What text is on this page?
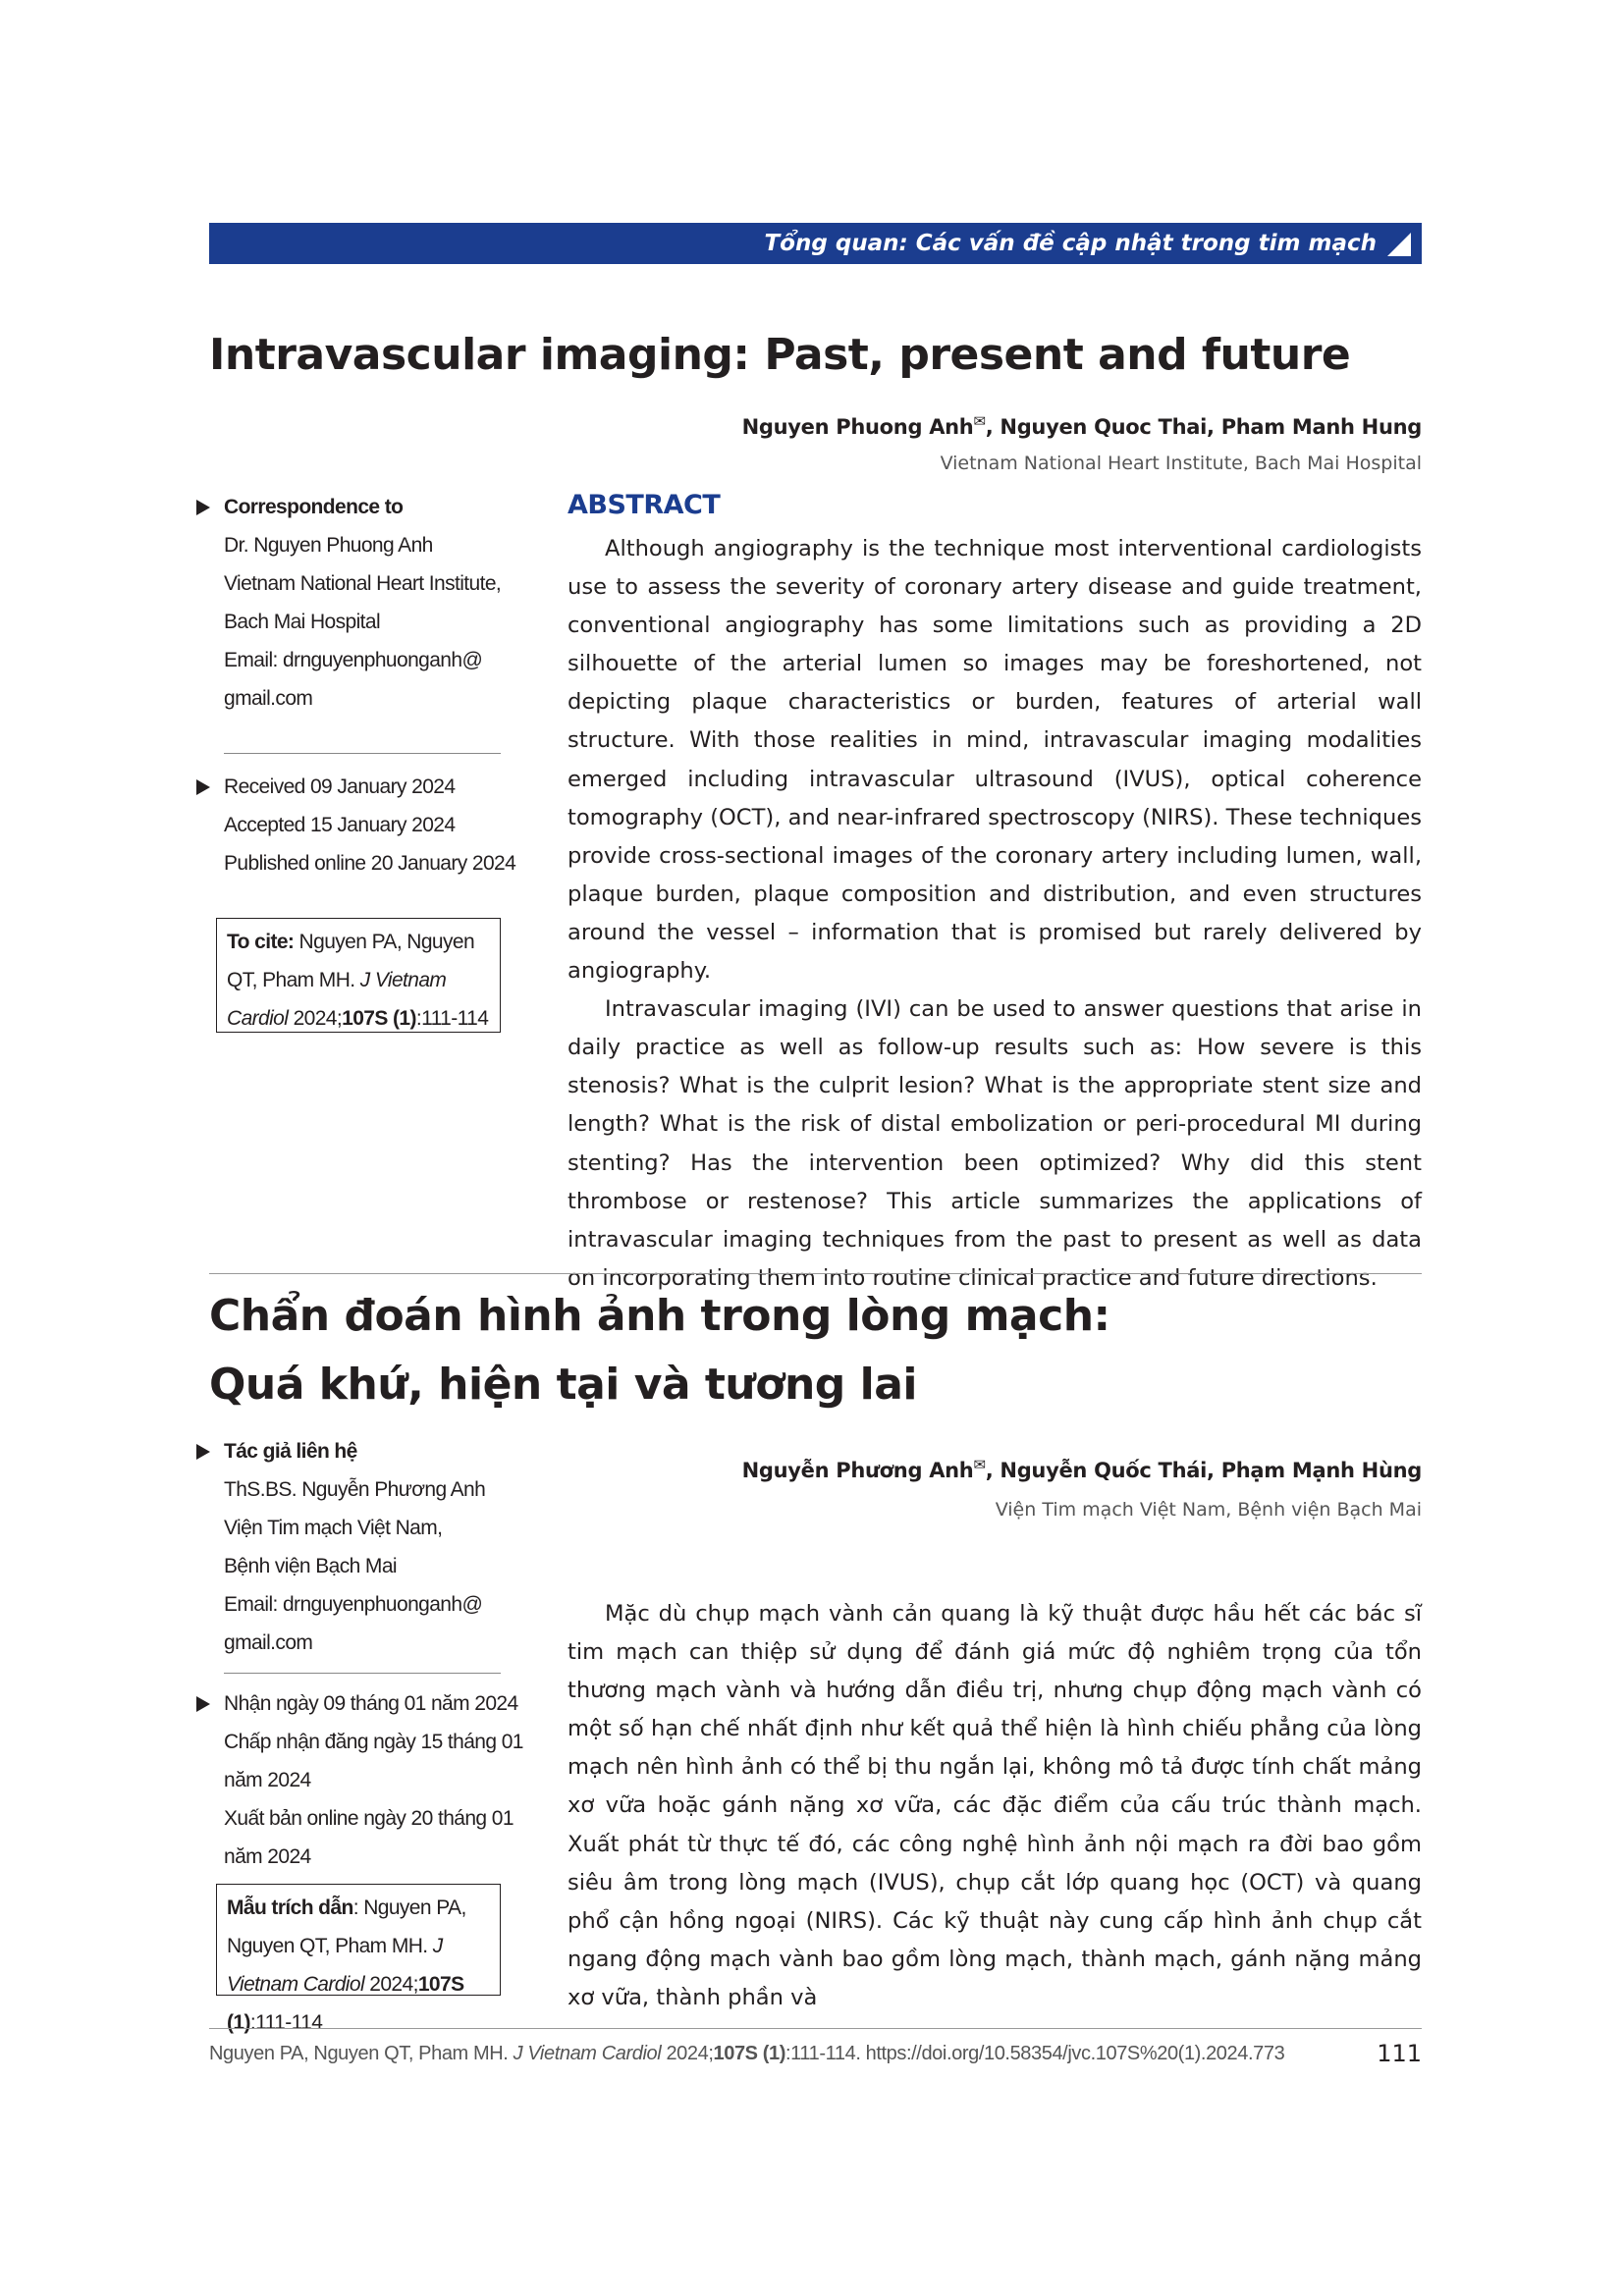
Tổng quan: Các vấn đề cập nhật trong tim mạch
Intravascular imaging: Past, present and future
Nguyen Phuong Anh✉, Nguyen Quoc Thai, Pham Manh Hung
Vietnam National Heart Institute, Bach Mai Hospital
Correspondence to
Dr. Nguyen Phuong Anh
Vietnam National Heart Institute,
Bach Mai Hospital
Email: drnguyenphuonganh@
gmail.com
Received 09 January 2024
Accepted 15 January 2024
Published online 20 January 2024
To cite: Nguyen PA, Nguyen QT, Pham MH. J Vietnam Cardiol 2024;107S (1):111-114
ABSTRACT

Although angiography is the technique most interventional cardiologists use to assess the severity of coronary artery disease and guide treatment, conventional angiography has some limitations such as providing a 2D silhouette of the arterial lumen so images may be foreshortened, not depicting plaque characteristics or burden, features of arterial wall structure. With those realities in mind, intravascular imaging modalities emerged including intravascular ultrasound (IVUS), optical coherence tomography (OCT), and near-infrared spectroscopy (NIRS). These techniques provide cross-sectional images of the coronary artery including lumen, wall, plaque burden, plaque composition and distribution, and even structures around the vessel – information that is promised but rarely delivered by angiography.

Intravascular imaging (IVI) can be used to answer questions that arise in daily practice as well as follow-up results such as: How severe is this stenosis? What is the culprit lesion? What is the appropriate stent size and length? What is the risk of distal embolization or peri-procedural MI during stenting? Has the intervention been optimized? Why did this stent thrombose or restenose? This article summarizes the applications of intravascular imaging techniques from the past to present as well as data on incorporating them into routine clinical practice and future directions.

Chẩn đoán hình ảnh trong lòng mạch:
Quá khứ, hiện tại và tương lai
Nguyễn Phương Anh✉, Nguyễn Quốc Thái, Phạm Mạnh Hùng
Viện Tim mạch Việt Nam, Bệnh viện Bạch Mai
Tác giả liên hệ
ThS.BS. Nguyễn Phương Anh
Viện Tim mạch Việt Nam,
Bệnh viện Bạch Mai
Email: drnguyenphuonganh@
gmail.com
Nhận ngày 09 tháng 01 năm 2024
Chấp nhận đăng ngày 15 tháng 01
năm 2024
Xuất bản online ngày 20 tháng 01
năm 2024
Mẫu trích dẫn: Nguyen PA, Nguyen QT, Pham MH. J Vietnam Cardiol 2024;107S (1):111-114

Mặc dù chụp mạch vành cản quang là kỹ thuật được hầu hết các bác sĩ tim mạch can thiệp sử dụng để đánh giá mức độ nghiêm trọng của tổn thương mạch vành và hướng dẫn điều trị, nhưng chụp động mạch vành có một số hạn chế nhất định như kết quả thể hiện là hình chiếu phẳng của lòng mạch nên hình ảnh có thể bị thu ngắn lại, không mô tả được tính chất mảng xơ vữa hoặc gánh nặng xơ vữa, các đặc điểm của cấu trúc thành mạch. Xuất phát từ thực tế đó, các công nghệ hình ảnh nội mạch ra đời bao gồm siêu âm trong lòng mạch (IVUS), chụp cắt lớp quang học (OCT) và quang phổ cận hồng ngoại (NIRS). Các kỹ thuật này cung cấp hình ảnh chụp cắt ngang động mạch vành bao gồm lòng mạch, thành mạch, gánh nặng mảng xơ vữa, thành phần và

Nguyen PA, Nguyen QT, Pham MH. J Vietnam Cardiol 2024;107S (1):111-114. https://doi.org/10.58354/jvc.107S%20(1).2024.773	111
